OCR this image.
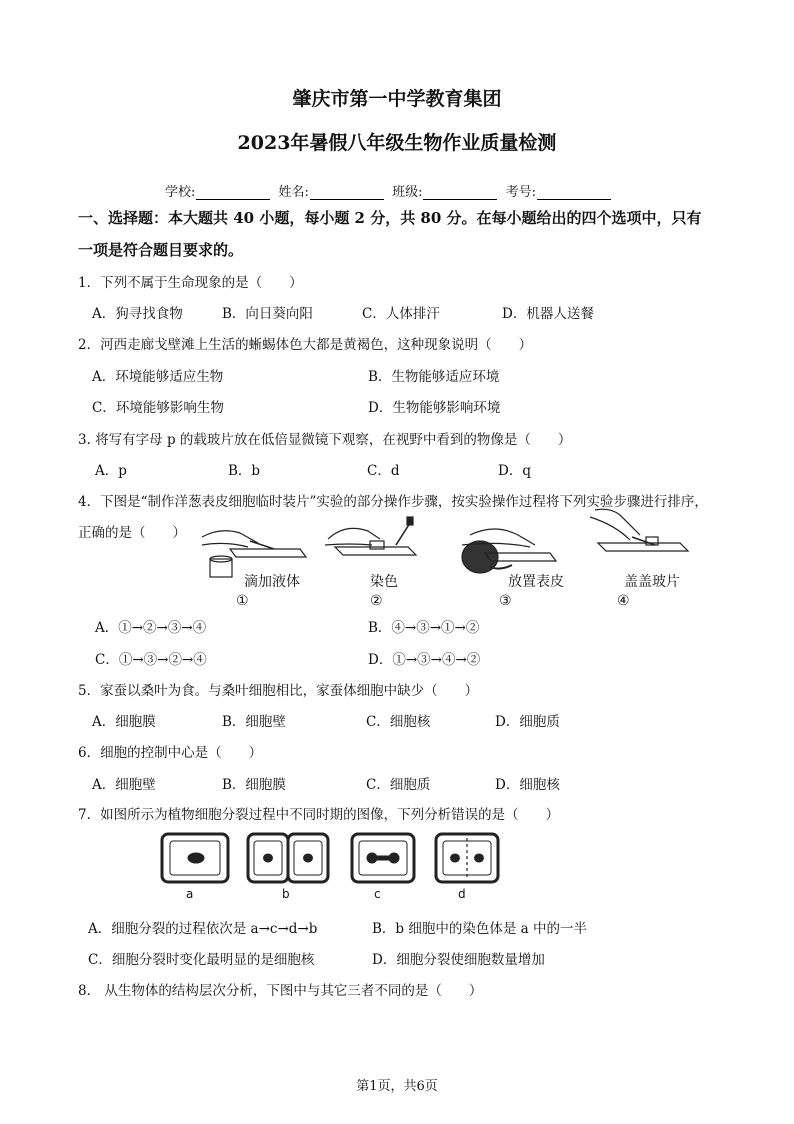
肇庆市第一中学教育集团
2023年暑假八年级生物作业质量检测
学校:	姓名:	班级:	考号:
一、选择题：本大题共 40 小题，每小题 2 分，共 80 分。在每小题给出的四个选项中，只有
一项是符合题目要求的。
1．下列不属于生命现象的是（　　）
A．狗寻找食物	B．向日葵向阳	C．人体排汗	D．机器人送餐
2．河西走廊戈壁滩上生活的蜥蜴体色大都是黄褐色，这种现象说明（　　）
A．环境能够适应生物	B．生物能够适应环境
C．环境能够影响生物	D．生物能够影响环境
3. 将写有字母 p 的载玻片放在低倍显微镜下观察，在视野中看到的物像是（　　）
A．p	B．b	C．d	D．q
4．下图是“制作洋葱表皮细胞临时装片”实验的部分操作步骤，按实验操作过程将下列实验步骤进行排序，
正确的是（　　）
滴加液体	染色	放置表皮	盖盖玻片
①	②	③	④
A．①→②→③→④	B．④→③→①→②
C．①→③→②→④	D．①→③→④→②
5．家蚕以桑叶为食。与桑叶细胞相比，家蚕体细胞中缺少（　　）
A．细胞膜	B．细胞壁	C．细胞核	D．细胞质
6．细胞的控制中心是（　　）
A．细胞壁	B．细胞膜	C．细胞质	D．细胞核
7．如图所示为植物细胞分裂过程中不同时期的图像，下列分析错误的是（　　）
a	b	c	d
A．细胞分裂的过程依次是 a→c→d→b	B．b 细胞中的染色体是 a 中的一半
C．细胞分裂时变化最明显的是细胞核	D．细胞分裂使细胞数量增加
8． 从生物体的结构层次分析，下图中与其它三者不同的是（　　）
第1页，共6页
